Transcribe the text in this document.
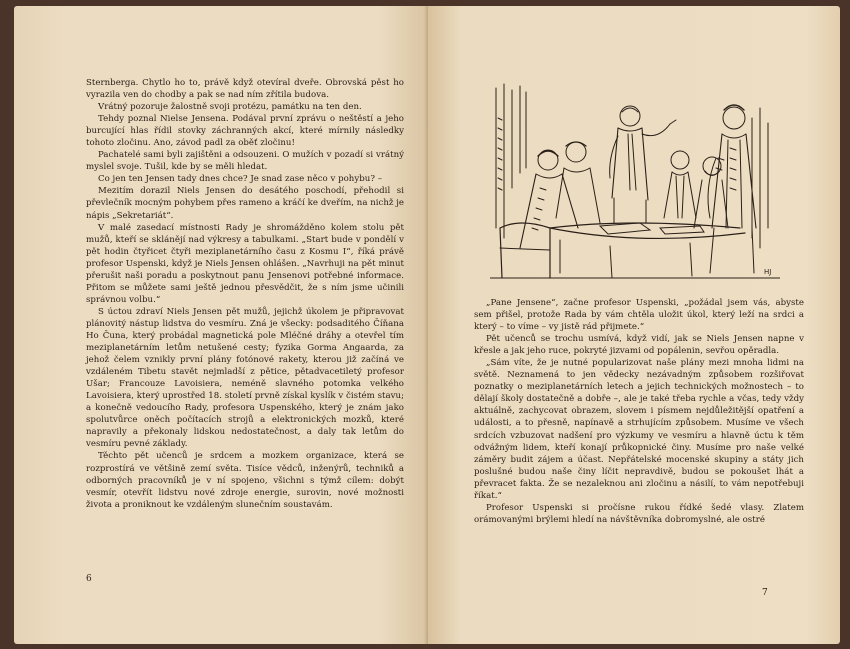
Sternberga. Chytlo ho to, právě když otevíral dveře. Obrovská pěst ho vyrazila ven do chodby a pak se nad ním zřítila budova.

Vrátný pozoruje žalostně svoji protézu, památku na ten den.

Tehdy poznal Nielse Jensena. Podával první zprávu o neštěstí a jeho burcující hlas řídil stovky záchranných akcí, které mírnily následky tohoto zločinu. Ano, závod padl za oběť zločinu!

Pachatelé sami byli zajištěni a odsouzeni. O mužích v pozadí si vrátný myslel svoje. Tušil, kde by se měli hledat.

Co jen ten Jensen tady dnes chce? Je snad zase něco v pohybu? –

Mezitím dorazil Niels Jensen do desátého poschodí, přehodil si převlečník mocným pohybem přes rameno a kráčí ke dveřím, na nichž je nápis „Sekretariát“.

V malé zasedací místnosti Rady je shromážděno kolem stolu pět mužů, kteří se sklánějí nad výkresy a tabulkami. „Start bude v pondělí v pět hodin čtyřicet čtyři meziplanetárního času z Kosmu I“, říká právě profesor Uspenski, když je Niels Jensen ohlášen. „Navrhuji na pět minut přerušit naši poradu a poskytnout panu Jensenovi potřebné informace. Přitom se můžete sami ještě jednou přesvědčit, že s ním jsme učinili správnou volbu.“

S úctou zdraví Niels Jensen pět mužů, jejichž úkolem je připravovat plánovitý nástup lidstva do vesmíru. Zná je všecky: podsaditého Číňana Ho Čuna, který probádal magnetická pole Mléčné dráhy a otevřel tím meziplanetárním letům netušené cesty; fyzika Gorma Angaarda, za jehož čelem vznikly první plány fotónové rakety, kterou již začíná ve vzdáleném Tibetu stavět nejmladší z pětice, pětadvacetiletý profesor Ušar; Francouze Lavoisiera, neméně slavného potomka velkého Lavoisiera, který uprostřed 18. století prvně získal kyslík v čistém stavu; a konečně vedoucího Rady, profesora Uspenského, který je znám jako spolutvůrce oněch počítacích strojů a elektronických mozků, které napravily a překonaly lidskou nedostatečnost, a daly tak letům do vesmíru pevné základy.

Těchto pět učenců je srdcem a mozkem organizace, která se rozprostírá ve většině zemí světa. Tisíce vědců, inženýrů, techniků a odborných pracovníků je v ní spojeno, všichni s týmž cílem: dobýt vesmír, otevřít lidstvu nové zdroje energie, surovin, nové možnosti života a proniknout ke vzdáleným slunečním soustavám.

6
HJ

„Pane Jensene“, začne profesor Uspenski, „požádal jsem vás, abyste sem přišel, protože Rada by vám chtěla uložit úkol, který leží na srdci a který – to víme – vy jistě rád přijmete.“

Pět učenců se trochu usmívá, když vidí, jak se Niels Jensen napne v křesle a jak jeho ruce, pokryté jizvami od popálenin, sevřou opěradla.

„Sám víte, že je nutné popularizovat naše plány mezi mnoha lidmi na světě. Neznamená to jen vědecky nezávadným způsobem rozšiřovat poznatky o meziplanetárních letech a jejich technických možnostech – to dělají školy dostatečně a dobře –, ale je také třeba rychle a včas, tedy vždy aktuálně, zachycovat obrazem, slovem i písmem nejdůležitější opatření a události, a to přesně, napínavě a strhujícím způsobem. Musíme ve všech srdcích vzbuzovat nadšení pro výzkumy ve vesmíru a hlavně úctu k těm odvážným lidem, kteří konají průkopnické činy. Musíme pro naše velké záměry budit zájem a účast. Nepřátelské mocenské skupiny a státy jich poslušné budou naše činy líčit nepravdivě, budou se pokoušet lhát a převracet fakta. Že se nezaleknou ani zločinu a násilí, to vám nepotřebuji říkat.“

Profesor Uspenski si pročísne rukou řídké šedé vlasy. Zlatem orámovanými brýlemi hledí na návštěvníka dobromyslné, ale ostré

7
